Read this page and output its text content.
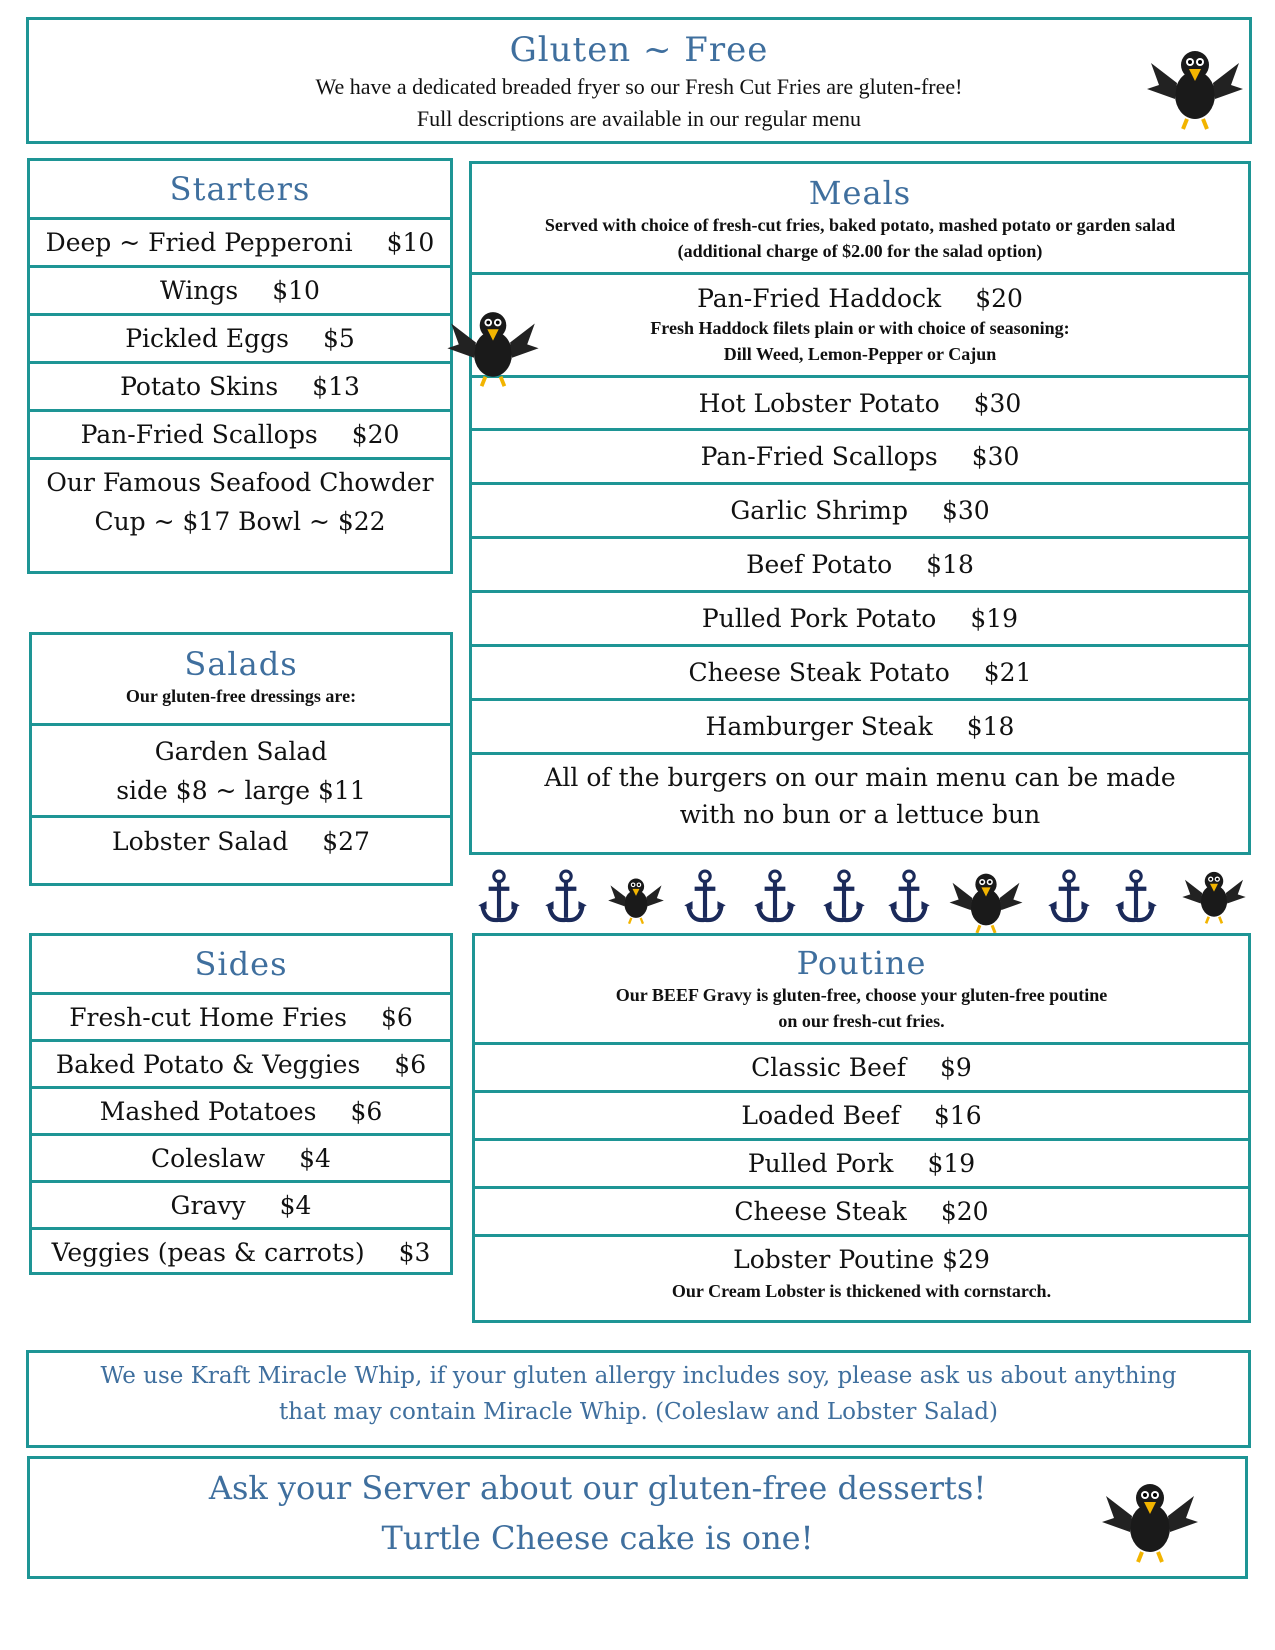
Gluten ~ Free
We have a dedicated breaded fryer so our Fresh Cut Fries are gluten-free!
Full descriptions are available in our regular menu
Starters
Deep ~ Fried Pepperoni $10
Wings $10
Pickled Eggs $5
Potato Skins $13
Pan-Fried Scallops $20
Our Famous Seafood Chowder
Cup ~ $17 Bowl ~ $22
Salads
Our gluten-free dressings are:
Garden Salad
side $8 ~ large $11
Lobster Salad $27
Sides
Fresh-cut Home Fries $6
Baked Potato & Veggies $6
Mashed Potatoes $6
Coleslaw $4
Gravy $4
Veggies (peas & carrots) $3
Meals
Served with choice of fresh-cut fries, baked potato, mashed potato or garden salad
(additional charge of $2.00 for the salad option)
Pan-Fried Haddock $20
Fresh Haddock filets plain or with choice of seasoning:
Dill Weed, Lemon-Pepper or Cajun
Hot Lobster Potato $30
Pan-Fried Scallops $30
Garlic Shrimp $30
Beef Potato $18
Pulled Pork Potato $19
Cheese Steak Potato $21
Hamburger Steak $18
All of the burgers on our main menu can be made
with no bun or a lettuce bun
Poutine
Our BEEF Gravy is gluten-free, choose your gluten-free poutine
on our fresh-cut fries.
Classic Beef $9
Loaded Beef $16
Pulled Pork $19
Cheese Steak $20
Lobster Poutine $29
Our Cream Lobster is thickened with cornstarch.
We use Kraft Miracle Whip, if your gluten allergy includes soy, please ask us about anything
that may contain Miracle Whip. (Coleslaw and Lobster Salad)
Ask your Server about our gluten-free desserts!
Turtle Cheese cake is one!
